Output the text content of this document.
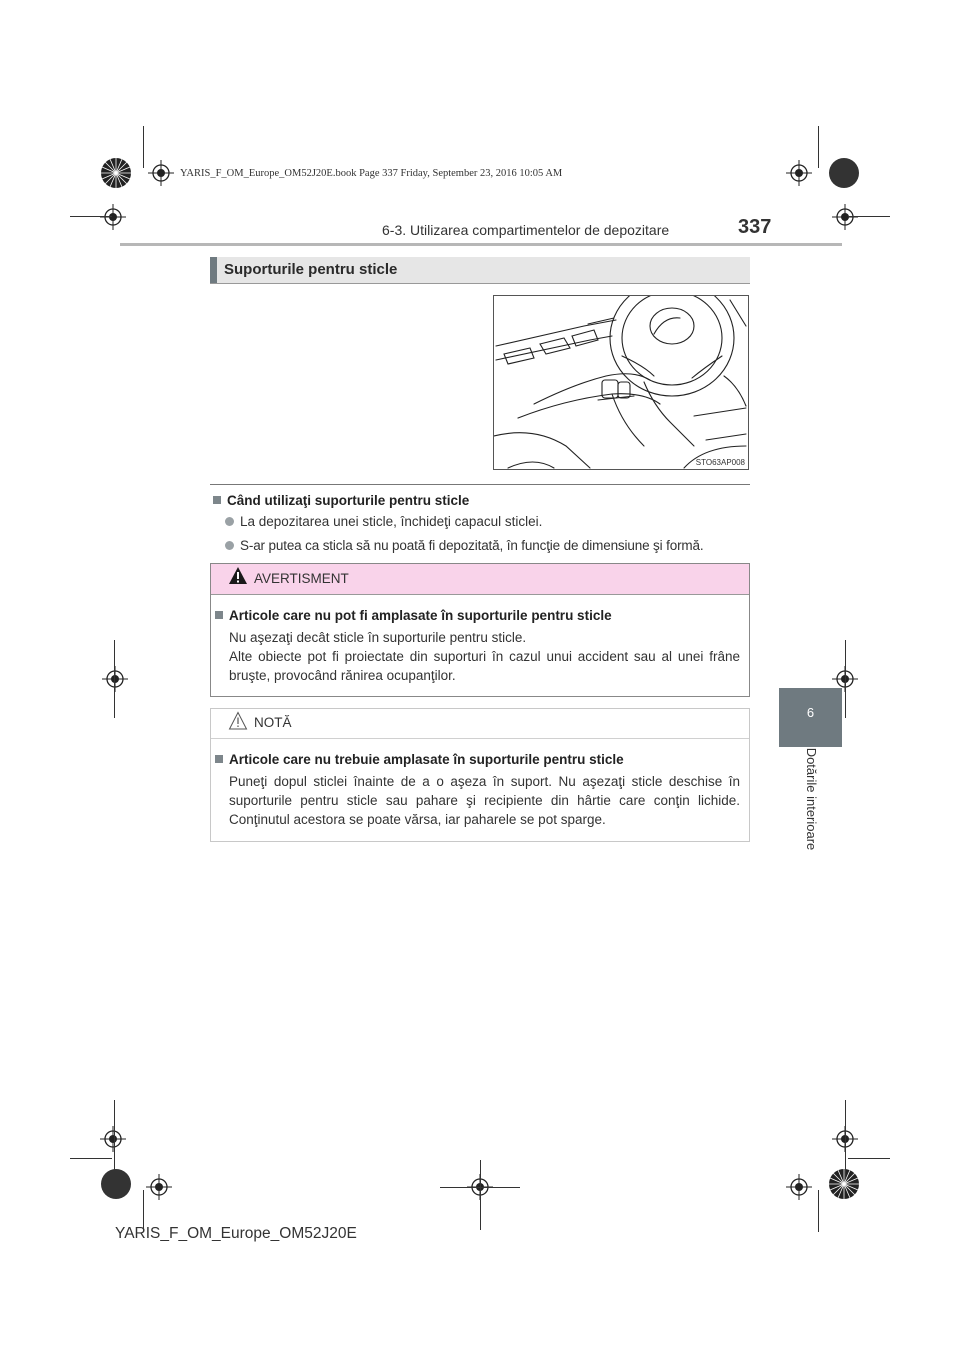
YARIS_F_OM_Europe_OM52J20E.book Page 337 Friday, September 23, 2016 10:05 AM
6-3. Utilizarea compartimentelor de depozitare	337
6
Dotările interioare
Suporturile pentru sticle
STO63AP008
Când utilizaţi suporturile pentru sticle
La depozitarea unei sticle, închideţi capacul sticlei.
S-ar putea ca sticla să nu poată fi depozitată, în funcţie de dimensiune şi formă.
AVERTISMENT
Articole care nu pot fi amplasate în suporturile pentru sticle
Nu aşezaţi decât sticle în suporturile pentru sticle.
Alte obiecte pot fi proiectate din suporturi în cazul unui accident sau al unei frâne bruşte, provocând rănirea ocupanţilor.
NOTĂ
Articole care nu trebuie amplasate în suporturile pentru sticle
Puneţi dopul sticlei înainte de a o aşeza în suport. Nu aşezaţi sticle deschise în suporturile pentru sticle sau pahare şi recipiente din hârtie care conţin lichide. Conţinutul acestora se poate vărsa, iar paharele se pot sparge.
YARIS_F_OM_Europe_OM52J20E
